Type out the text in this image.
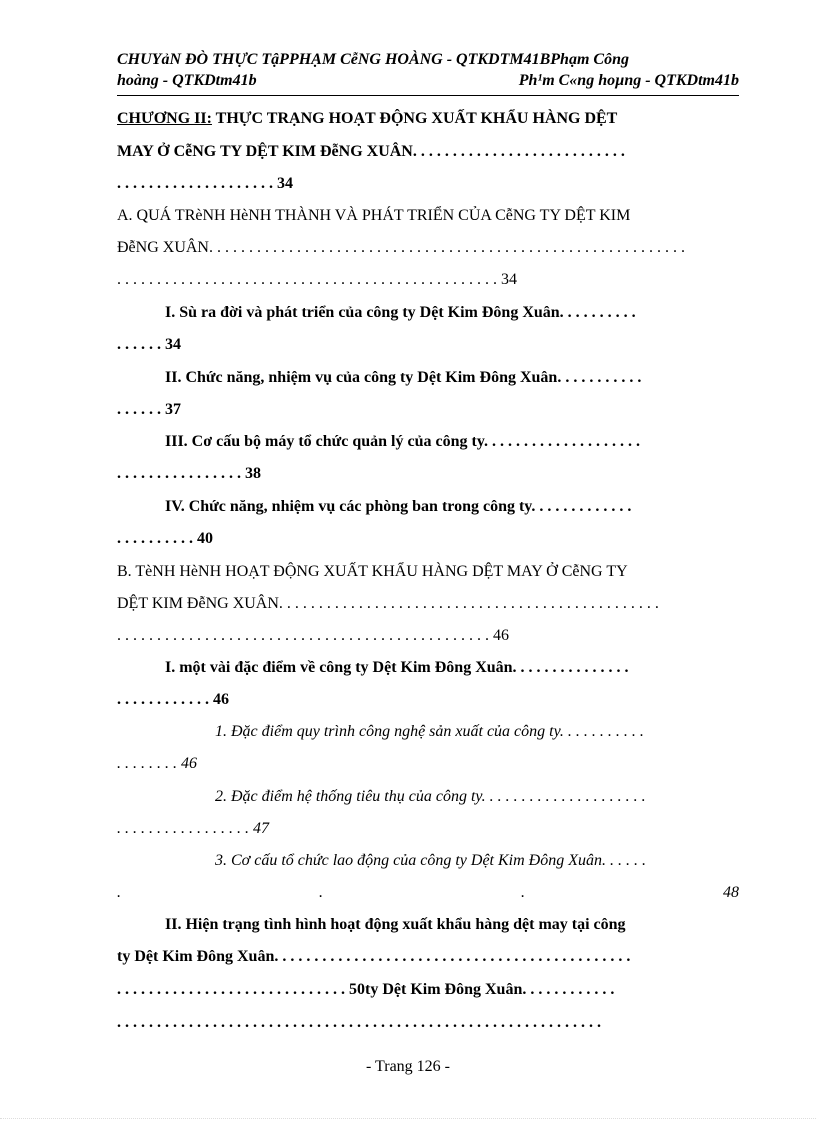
CHUYảN ĐÒ THỰC TậPPHẠM CễNG HOÀNG - QTKDTM41BPhạm Công
hoàng - QTKDtm41b	Ph¹m C«ng hoµng - QTKDtm41b
CHƯƠNG II: THỰC TRẠNG HOẠT ĐỘNG XUẤT KHẨU HÀNG DỆT
MAY Ở CễNG TY DỆT KIM ĐễNG XUÂN. . . . . . . . . . . . . . . . . . . . . . . . . . .
. . . . . . . . . . . . . . . . . . . . 34
A. QUÁ TRèNH HèNH THÀNH VÀ PHÁT TRIỂN CỦA CễNG TY DỆT KIM
ĐễNG XUÂN. . . . . . . . . . . . . . . . . . . . . . . . . . . . . . . . . . . . . . . . . . . . . . . . . . . . . . . . . . . .
. . . . . . . . . . . . . . . . . . . . . . . . . . . . . . . . . . . . . . . . . . . . . . . . 34
I. Sù ra đời và phát triển của công ty Dệt Kim Đông Xuân. . . . . . . . . .
. . . . . . 34
II. Chức năng, nhiệm vụ của công ty Dệt Kim Đông Xuân. . . . . . . . . . .
. . . . . . 37
III. Cơ cấu bộ máy tổ chức quản lý của công ty. . . . . . . . . . . . . . . . . . . .
. . . . . . . . . . . . . . . . 38
IV. Chức năng, nhiệm vụ các phòng ban trong công ty. . . . . . . . . . . . .
. . . . . . . . . . 40
B. TèNH HèNH HOẠT ĐỘNG XUẤT KHẨU HÀNG DỆT MAY Ở CễNG TY
DỆT KIM ĐễNG XUÂN. . . . . . . . . . . . . . . . . . . . . . . . . . . . . . . . . . . . . . . . . . . . . . . .
. . . . . . . . . . . . . . . . . . . . . . . . . . . . . . . . . . . . . . . . . . . . . . . 46
I. một vài đặc điểm về công ty Dệt Kim Đông Xuân. . . . . . . . . . . . . . .
. . . . . . . . . . . . 46
1. Đặc điểm quy trình công nghệ sản xuất của công ty. . . . . . . . . . .
. . . . . . . . 46
2. Đặc điểm hệ thống tiêu thụ của công ty. . . . . . . . . . . . . . . . . . . . .
. . . . . . . . . . . . . . . . . 47
3. Cơ cấu tổ chức lao động của công ty Dệt Kim Đông Xuân. . . . . .
.	.	.	48
II. Hiện trạng tình hình hoạt động xuất khẩu hàng dệt may tại công
ty Dệt Kim Đông Xuân. . . . . . . . . . . . . . . . . . . . . . . . . . . . . . . . . . . . . . . . . . . . .
. . . . . . . . . . . . . . . . . . . . . . . . . . . . . 50ty Dệt Kim Đông Xuân. . . . . . . . . . . .
. . . . . . . . . . . . . . . . . . . . . . . . . . . . . . . . . . . . . . . . . . . . . . . . . . . . . . . . . . . . .
- Trang 126 -
